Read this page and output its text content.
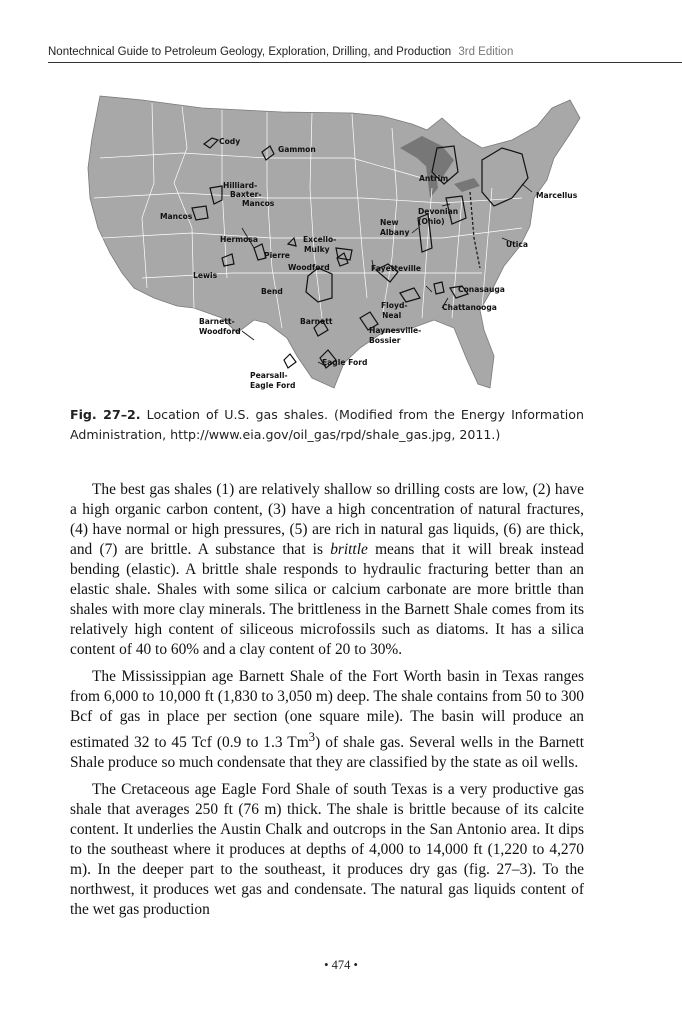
Nontechnical Guide to Petroleum Geology, Exploration, Drilling, and Production 3rd Edition
Cody
Gammon
Hilliard-
Baxter-
Mancos
Mancos
Hermosa	Excello-
Mulky
Pierre
Lewis
Woodford	Fayetteville
Bend
Antrim
Marcellus
New
Albany
Devonian
(Ohio)
Utica
Conasauga
Chattanooga
Floyd-
Neal
Barnett-
Woodford
Barnett
Haynesville-
Bossier
Eagle Ford
Pearsall-
Eagle Ford
Fig. 27–2. Location of U.S. gas shales. (Modified from the Energy Information Administration, http://www.eia.gov/oil_gas/rpd/shale_gas.jpg, 2011.)

The best gas shales (1) are relatively shallow so drilling costs are low, (2) have a high organic carbon content, (3) have a high concentration of natural fractures, (4) have normal or high pressures, (5) are rich in natural gas liquids, (6) are thick, and (7) are brittle. A substance that is brittle means that it will break instead bending (elastic). A brittle shale responds to hydraulic fracturing better than an elastic shale. Shales with some silica or calcium carbonate are more brittle than shales with more clay minerals. The brittleness in the Barnett Shale comes from its relatively high content of siliceous microfossils such as diatoms. It has a silica content of 40 to 60% and a clay content of 20 to 30%.

The Mississippian age Barnett Shale of the Fort Worth basin in Texas ranges from 6,000 to 10,000 ft (1,830 to 3,050 m) deep. The shale contains from 50 to 300 Bcf of gas in place per section (one square mile). The basin will produce an estimated 32 to 45 Tcf (0.9 to 1.3 Tm$^3$) of shale gas. Several wells in the Barnett Shale produce so much condensate that they are classified by the state as oil wells.

The Cretaceous age Eagle Ford Shale of south Texas is a very productive gas shale that averages 250 ft (76 m) thick. The shale is brittle because of its calcite content. It underlies the Austin Chalk and outcrops in the San Antonio area. It dips to the southeast where it produces at depths of 4,000 to 14,000 ft (1,220 to 4,270 m). In the deeper part to the southeast, it produces dry gas (fig. 27–3). To the northwest, it produces wet gas and condensate. The natural gas liquids content of the wet gas production

• 474 •
